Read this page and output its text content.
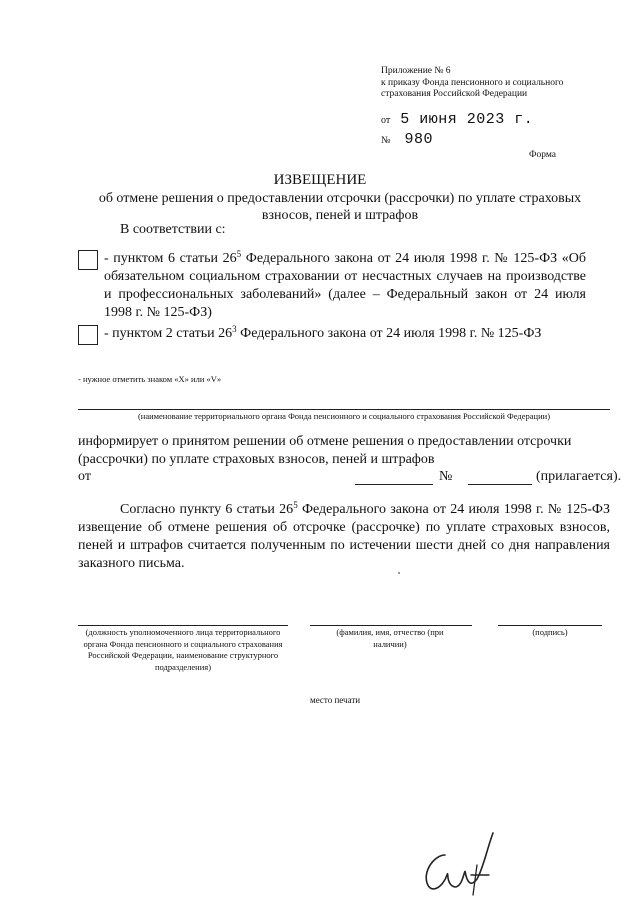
Приложение № 6
к приказу Фонда пенсионного и социального
страхования Российской Федерации
от 5 июня 2023 г.
№ 980
Форма
ИЗВЕЩЕНИЕ
об отмене решения о предоставлении отсрочки (рассрочки) по уплате страховых взносов, пеней и штрафов
В соответствии с:
- пунктом 6 статьи $26^5$ Федерального закона от 24 июля 1998 г. № 125-ФЗ «Об обязательном социальном страховании от несчастных случаев на производстве и профессиональных заболеваний» (далее – Федеральный закон от 24 июля 1998 г. № 125-ФЗ)
- пунктом 2 статьи $26^3$ Федерального закона от 24 июля 1998 г. № 125-ФЗ
- нужное отметить знаком «X» или «V»
(наименование территориального органа Фонда пенсионного и социального страхования Российской Федерации)
информирует о принятом решении об отмене решения о предоставлении отсрочки (рассрочки) по уплате страховых взносов, пеней и штрафов
от	№	(прилагается).
Согласно пункту 6 статьи $26^5$ Федерального закона от 24 июля 1998 г. № 125-ФЗ извещение об отмене решения об отсрочке (рассрочке) по уплате страховых взносов, пеней и штрафов считается полученным по истечении шести дней со дня направления заказного письма.
(должность уполномоченного лица территориального органа Фонда пенсионного и социального страхования Российской Федерации, наименование структурного подразделения)
(фамилия, имя, отчество (при наличии)
(подпись)
место печати
